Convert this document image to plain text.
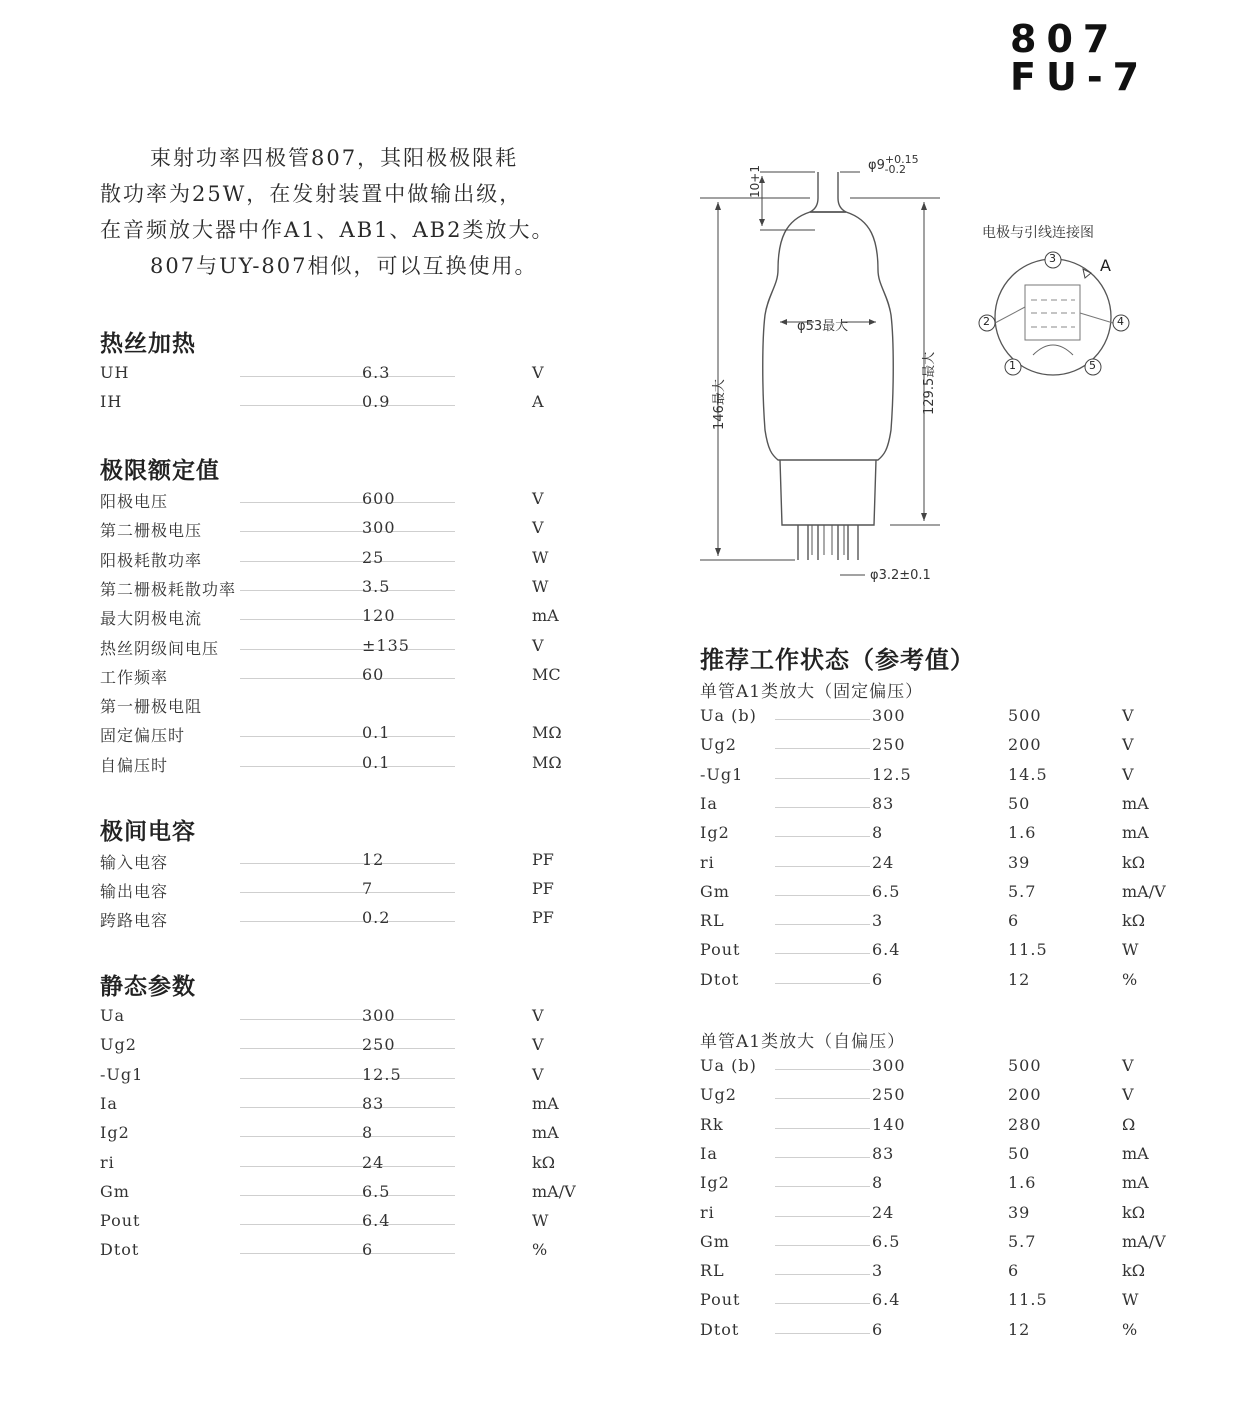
807
FU-7

束射功率四极管807，其阳极极限耗

散功率为25W，在发射装置中做输出级，

在音频放大器中作A1、AB1、AB2类放大。

807与UY-807相似，可以互换使用。

热丝加热
极限额定值
极间电容
静态参数
UH	6.3	V
IH	0.9	A
阳极电压	600	V
第二栅极电压	300	V
阳极耗散功率	25	W
第二栅极耗散功率	3.5	W
最大阴极电流	120	mA
热丝阴级间电压	±135	V
工作频率	60	MC
第一栅极电阻
固定偏压时	0.1	MΩ
自偏压时	0.1	MΩ
输入电容	12	PF
输出电容	7	PF
跨路电容	0.2	PF
Ua	300	V
Ug2	250	V
-Ug1	12.5	V
Ia	83	mA
Ig2	8	mA
ri	24	kΩ
Gm	6.5	mA/V
Pout	6.4	W
Dtot	6	%
$\varphi 9^{+0.15}_{-0.2}$
10+1
φ53最大
146最大	129.5最大
φ3.2±0.1
电极与引线连接图
3
2	4
1	5
A
推荐工作状态（参考值）
单管A1类放大（固定偏压）
单管A1类放大（自偏压）
Ua (b)	300	500	V
Ug2	250	200	V
-Ug1	12.5	14.5	V
Ia	83	50	mA
Ig2	8	1.6	mA
ri	24	39	kΩ
Gm	6.5	5.7	mA/V
RL	3	6	kΩ
Pout	6.4	11.5	W
Dtot	6	12	%
Ua (b)	300	500	V
Ug2	250	200	V
Rk	140	280	Ω
Ia	83	50	mA
Ig2	8	1.6	mA
ri	24	39	kΩ
Gm	6.5	5.7	mA/V
RL	3	6	kΩ
Pout	6.4	11.5	W
Dtot	6	12	%
